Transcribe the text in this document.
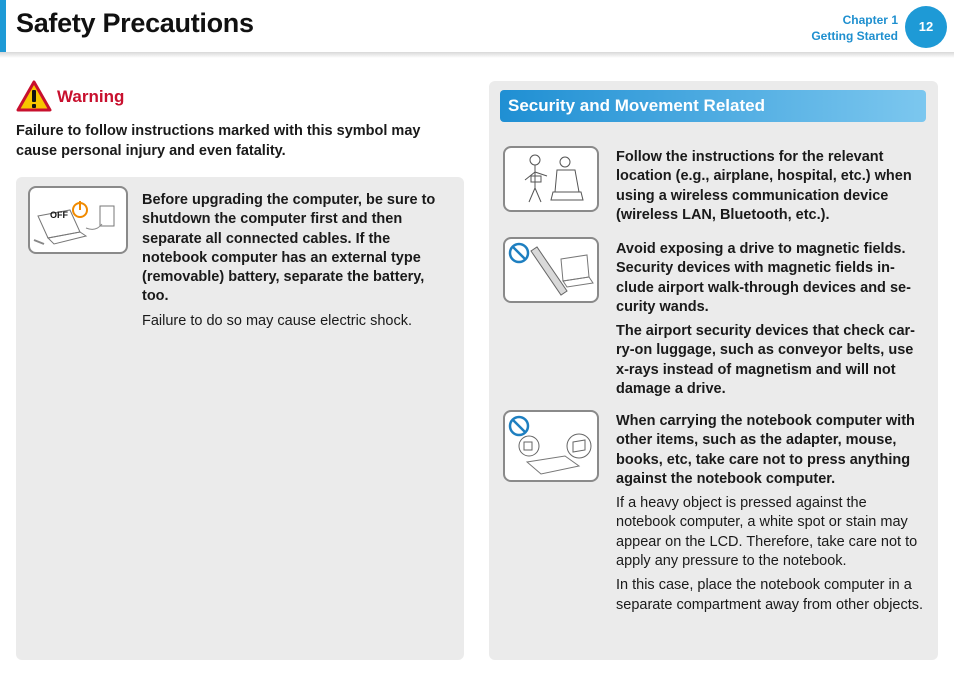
Safety Precautions	Chapter 1
Getting Started
12
Warning
Failure to follow instructions marked with this symbol may cause personal injury and even fatality.
OFF

Before upgrading the computer, be sure to shutdown the computer first and then separate all connected cables. If the notebook computer has an external type (removable) battery, separate the battery, too.

Failure to do so may cause electric shock.

Security and Movement Related

Follow the instructions for the relevant location (e.g., airplane, hospital, etc.) when using a wireless communication device (wireless LAN, Bluetooth, etc.).

Avoid exposing a drive to magnetic fields. Security devices with magnetic fields in-clude airport walk-through devices and se-curity wands.

The airport security devices that check car-ry-on luggage, such as conveyor belts, use x-rays instead of magnetism and will not damage a drive.

When carrying the notebook computer with other items, such as the adapter, mouse, books, etc, take care not to press anything against the notebook computer.

If a heavy object is pressed against the notebook computer, a white spot or stain may appear on the LCD. Therefore, take care not to apply any pressure to the notebook.

In this case, place the notebook computer in a separate compartment away from other objects.
